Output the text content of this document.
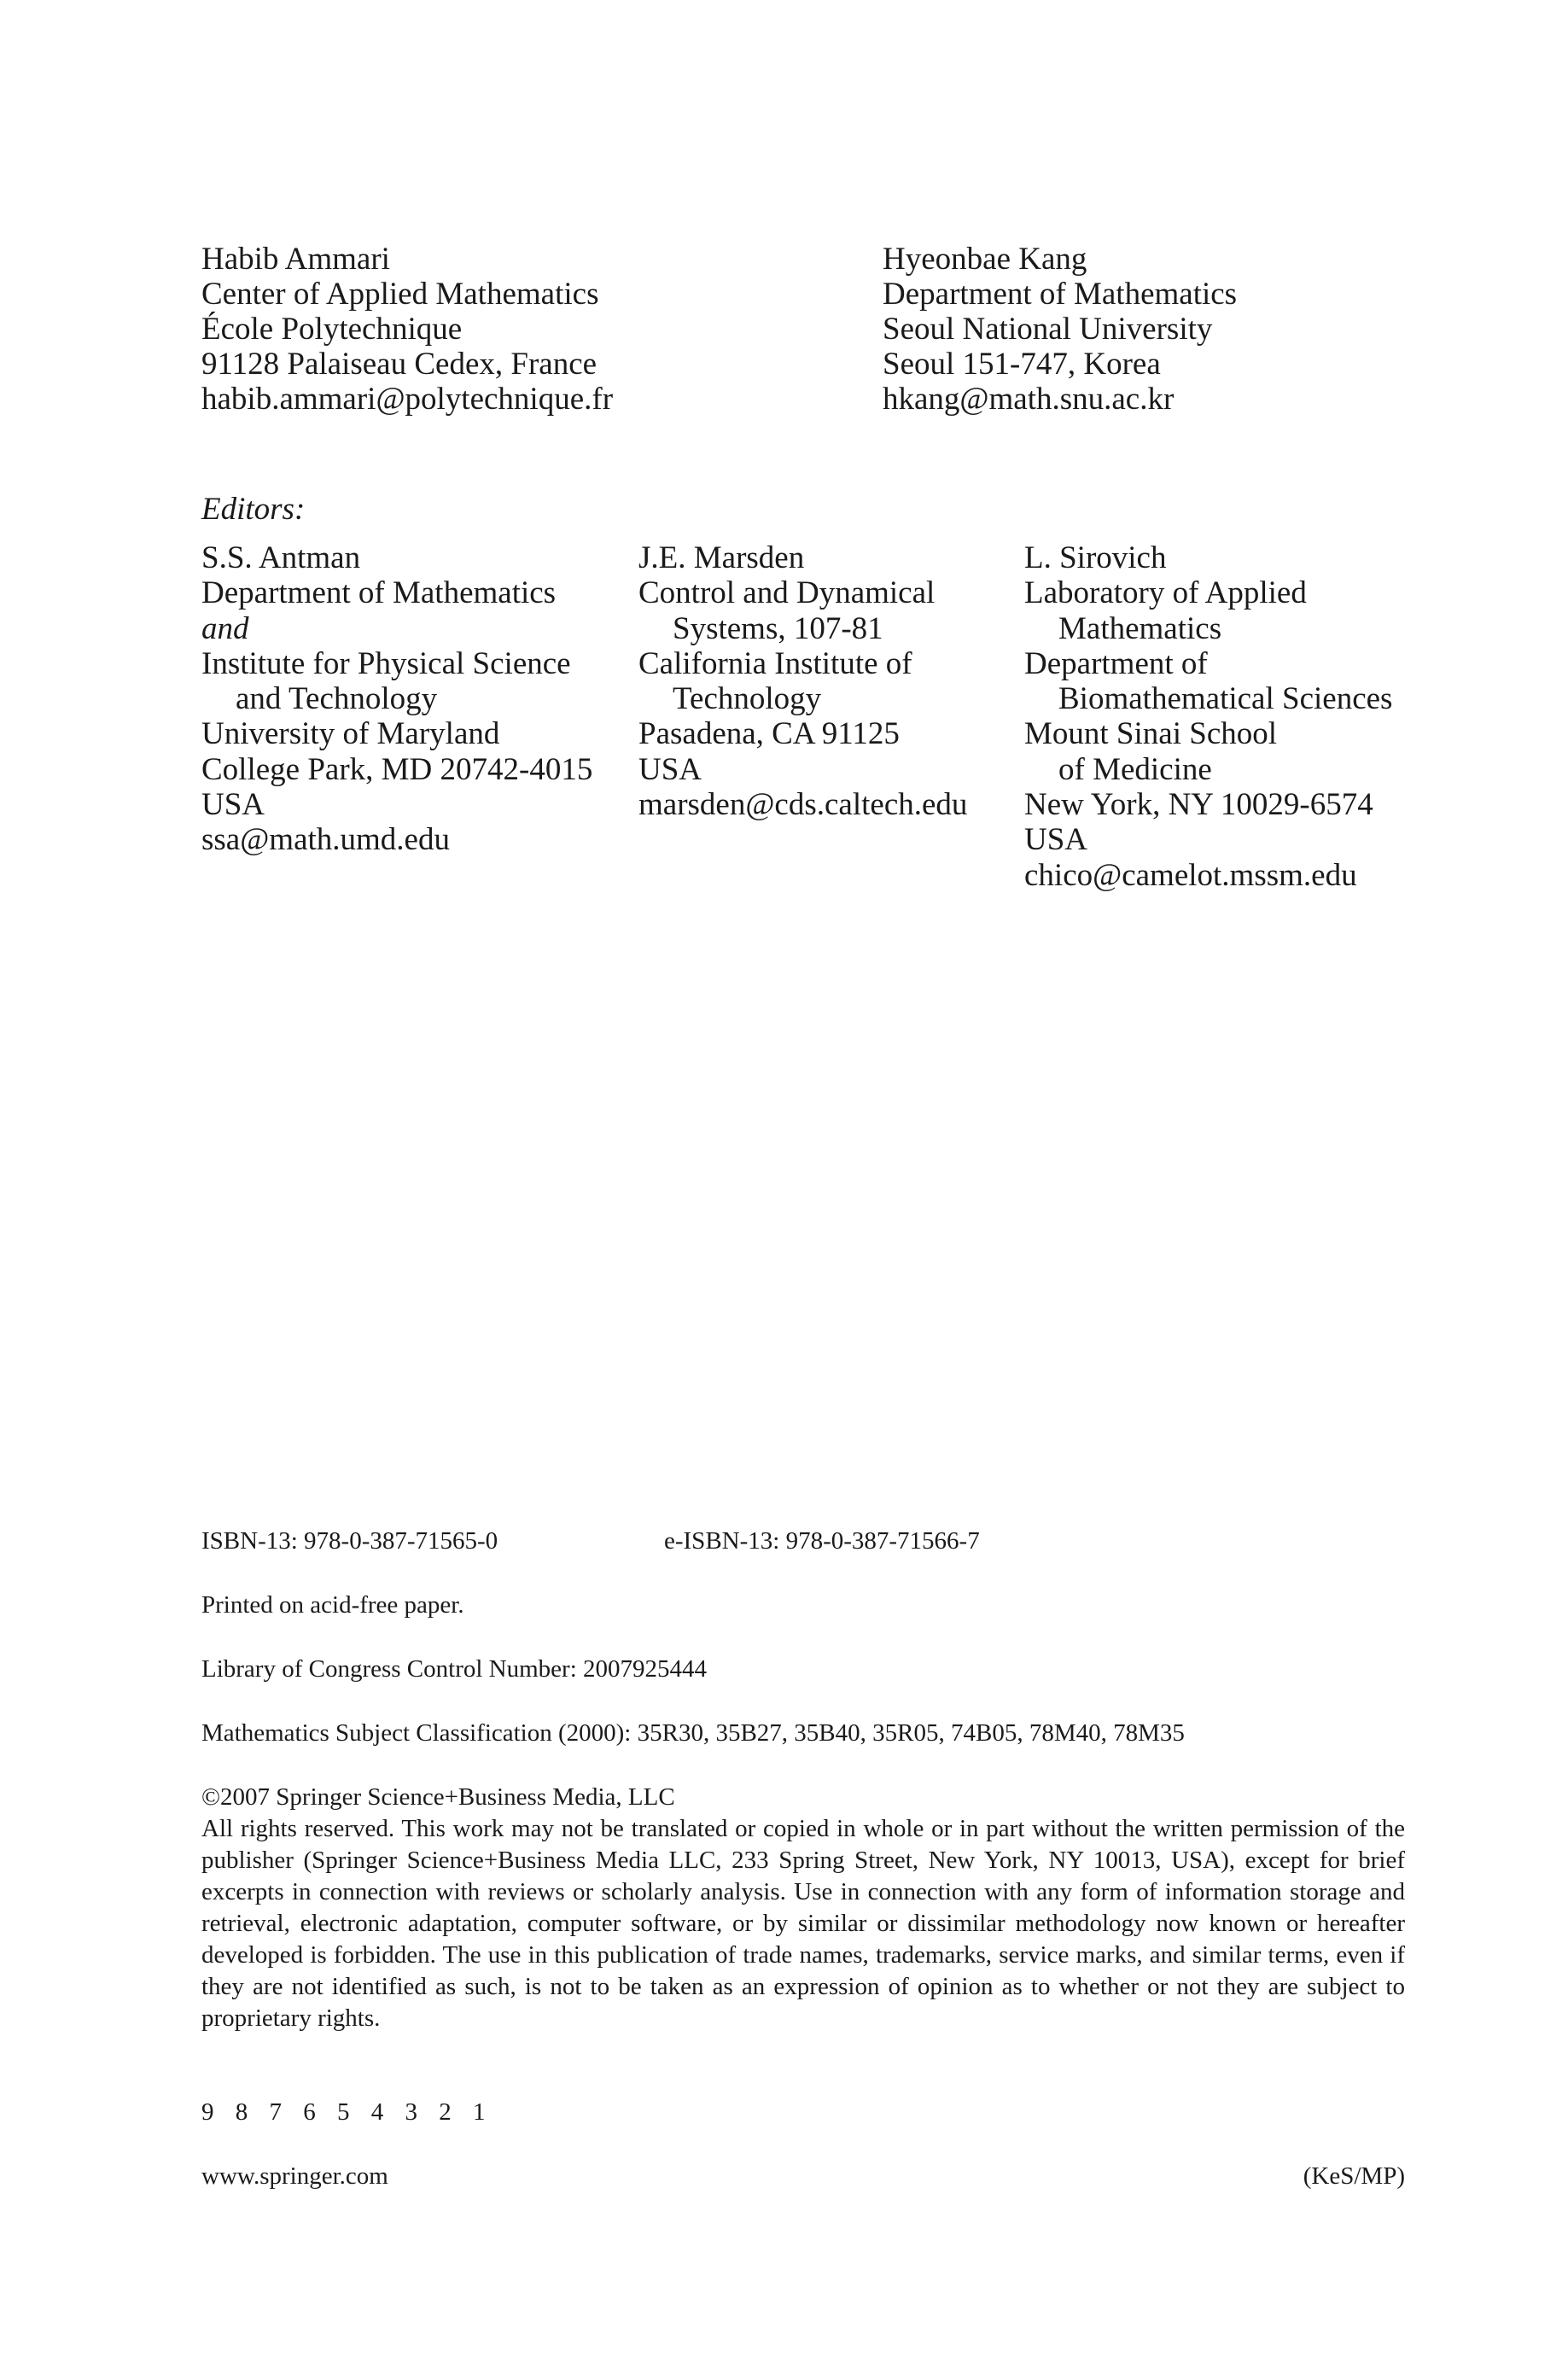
Habib Ammari
Center of Applied Mathematics
École Polytechnique
91128 Palaiseau Cedex, France
habib.ammari@polytechnique.fr
Hyeonbae Kang
Department of Mathematics
Seoul National University
Seoul 151-747, Korea
hkang@math.snu.ac.kr
Editors:
S.S. Antman
Department of Mathematics
and
Institute for Physical Science
and Technology
University of Maryland
College Park, MD 20742-4015
USA
ssa@math.umd.edu
J.E. Marsden
Control and Dynamical
Systems, 107-81
California Institute of
Technology
Pasadena, CA 91125
USA
marsden@cds.caltech.edu
L. Sirovich
Laboratory of Applied
Mathematics
Department of
Biomathematical Sciences
Mount Sinai School
of Medicine
New York, NY 10029-6574
USA
chico@camelot.mssm.edu
ISBN-13: 978-0-387-71565-0	e-ISBN-13: 978-0-387-71566-7
Printed on acid-free paper.
Library of Congress Control Number: 2007925444
Mathematics Subject Classification (2000): 35R30, 35B27, 35B40, 35R05, 74B05, 78M40, 78M35
©2007 Springer Science+Business Media, LLC
All rights reserved. This work may not be translated or copied in whole or in part without the written permission of the publisher (Springer Science+Business Media LLC, 233 Spring Street, New York, NY 10013, USA), except for brief excerpts in connection with reviews or scholarly analysis. Use in connection with any form of information storage and retrieval, electronic adaptation, computer software, or by similar or dissimilar methodology now known or hereafter developed is forbidden. The use in this publication of trade names, trademarks, service marks, and similar terms, even if they are not identified as such, is not to be taken as an expression of opinion as to whether or not they are subject to proprietary rights.
9 8 7 6 5 4 3 2 1
www.springer.com	(KeS/MP)
